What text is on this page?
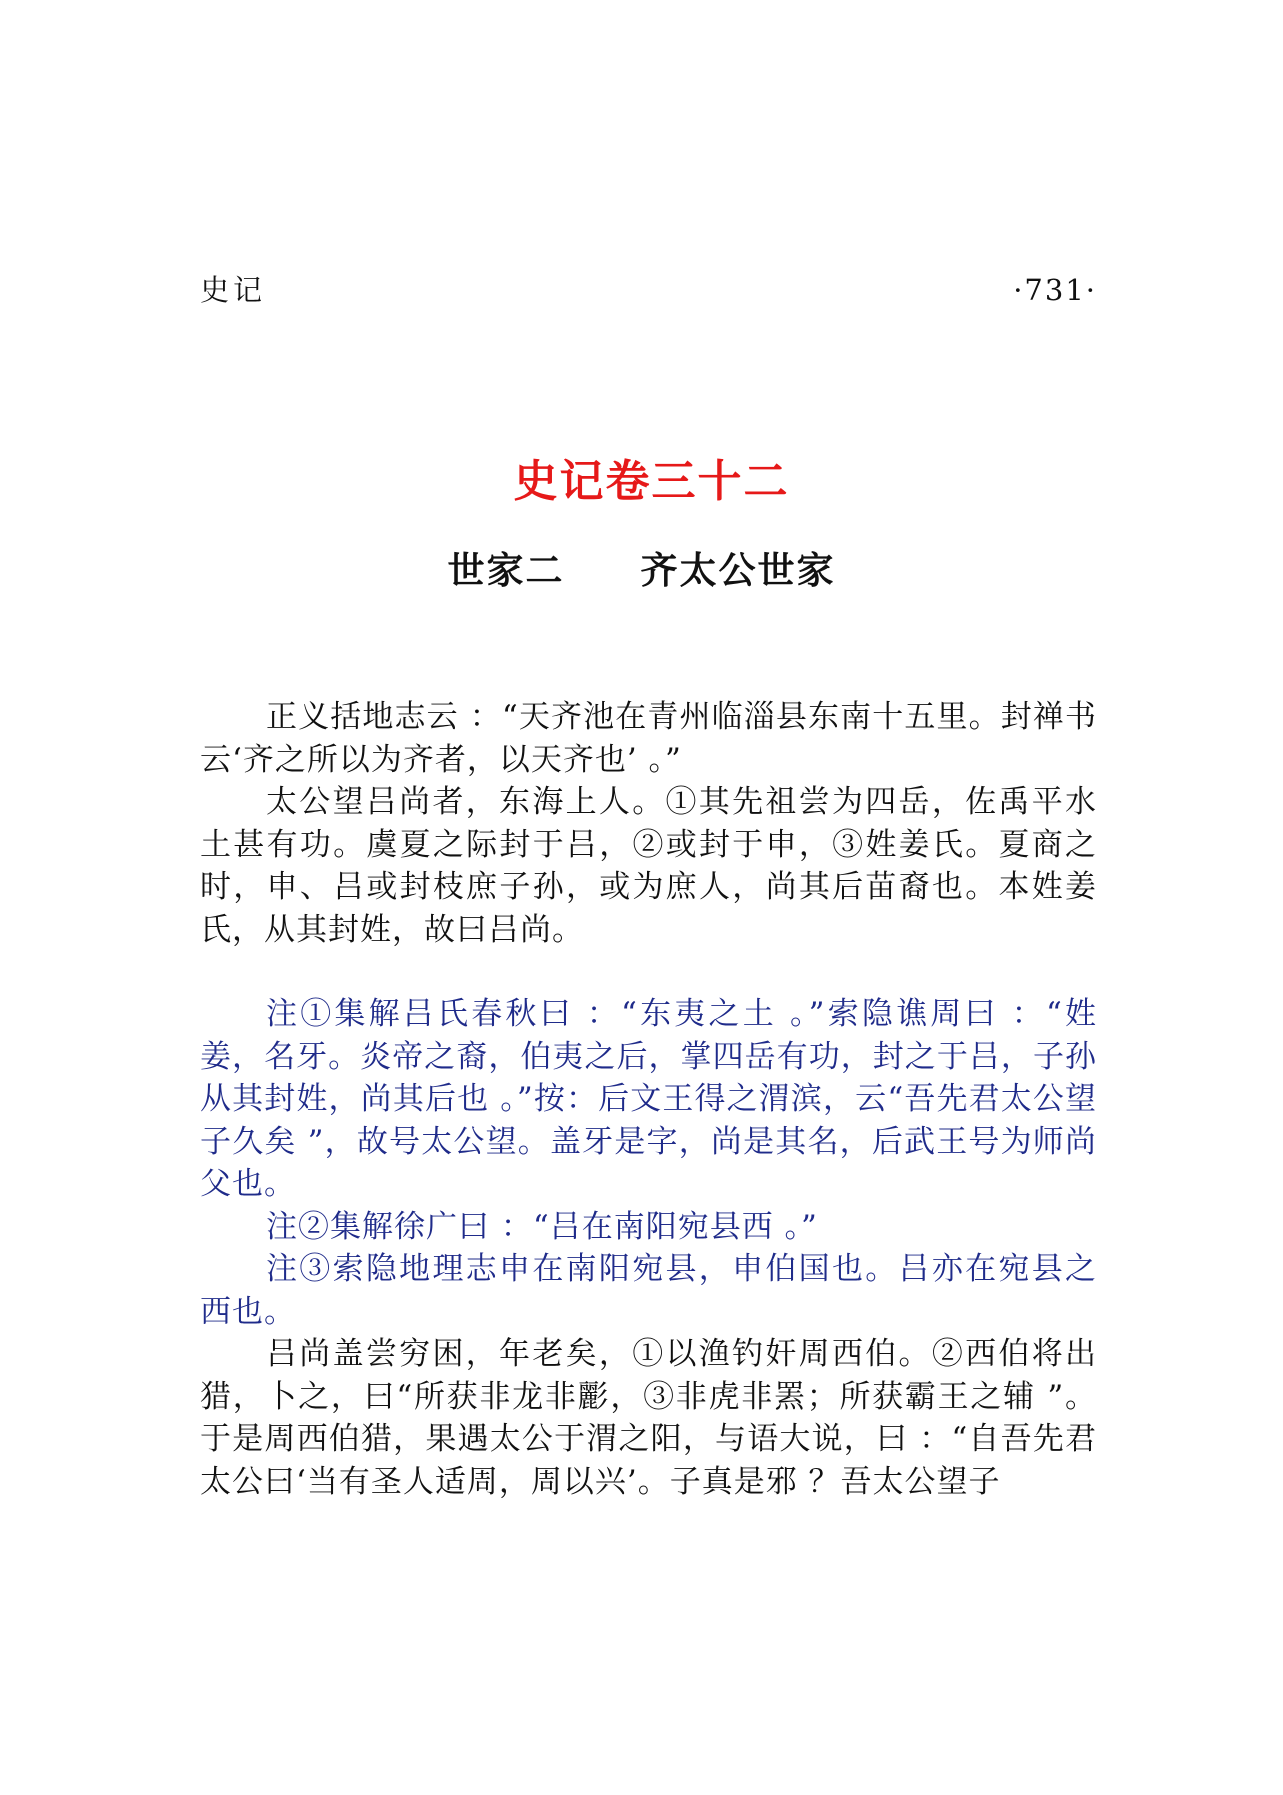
史记	·731·
史记卷三十二
世家二 齐太公世家

正义括地志云 ：“天齐池在青州临淄县东南十五里。封禅书云‘齐之所以为齐者，以天齐也’ 。”

太公望吕尚者，东海上人。①其先祖尝为四岳，佐禹平水土甚有功。虞夏之际封于吕，②或封于申，③姓姜氏。夏商之时，申、吕或封枝庶子孙，或为庶人，尚其后苗裔也。本姓姜氏，从其封姓，故曰吕尚。

注①集解吕氏春秋曰 ：“东夷之土 。”索隐谯周曰 ：“姓姜，名牙。炎帝之裔，伯夷之后，掌四岳有功，封之于吕，子孙从其封姓，尚其后也 。”按：后文王得之渭滨，云“吾先君太公望子久矣 ”，故号太公望。盖牙是字，尚是其名，后武王号为师尚父也。

注②集解徐广曰 ：“吕在南阳宛县西 。”

注③索隐地理志申在南阳宛县，申伯国也。吕亦在宛县之西也。

吕尚盖尝穷困，年老矣，①以渔钓奸周西伯。②西伯将出猎，卜之，曰“所获非龙非彲，③非虎非罴；所获霸王之辅 ”。于是周西伯猎，果遇太公于渭之阳，与语大说，曰 ：“自吾先君太公曰‘当有圣人适周，周以兴’。子真是邪 ？吾太公望子
